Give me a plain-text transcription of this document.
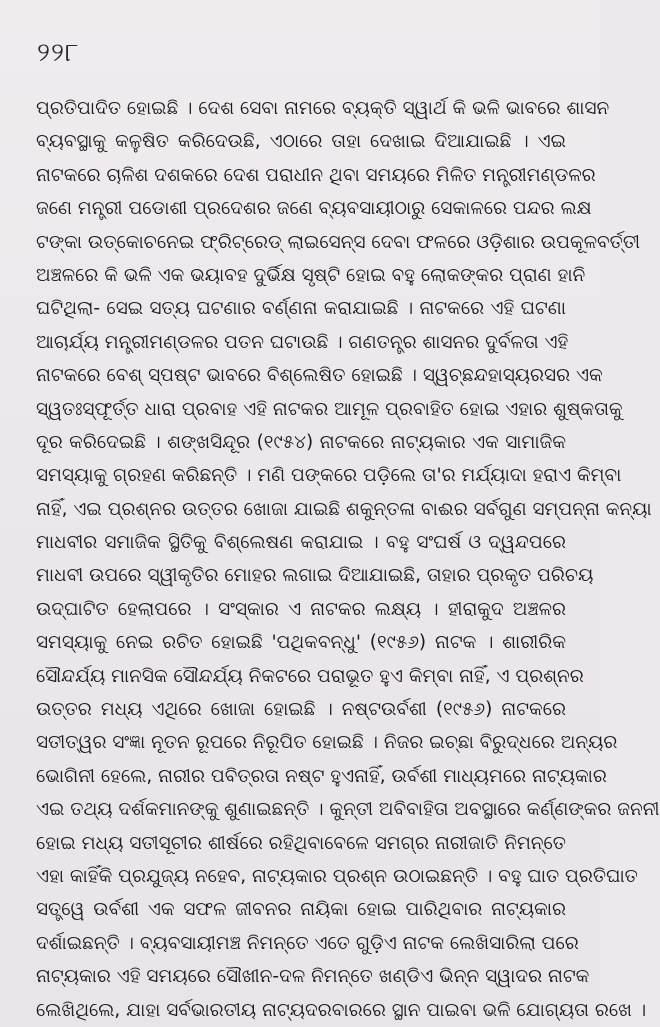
୨୨୮
ପ୍ରତିପାଦିତ ହୋଇଛି । ଦେଶ ସେବା ନାମରେ ବ୍ୟକ୍ତି ସ୍ୱାର୍ଥ କି ଭଳି ଭାବରେ ଶାସନ
ବ୍ୟବସ୍ଥାକୁ କଳୁଷିତ କରିଦେଉଛି, ଏଠାରେ ତାହା ଦେଖାଇ ଦିଆଯାଇଛି । ଏଇ
ନାଟକରେ ଚାଳିଶ ଦଶକରେ ଦେଶ ପରାଧୀନ ଥିବା ସମୟରେ ମିଳିତ ମନ୍ତ୍ରୀମଣ୍ଡଳର
ଜଣେ ମନ୍ତ୍ରୀ ପଡୋଶୀ ପ୍ରଦେଶର ଜଣେ ବ୍ୟବସାୟୀଠାରୁ ସେକାଳରେ ପନ୍ଦର ଲକ୍ଷ
ଟଙ୍କା ଉତ୍କୋଚନେଇ ଫ୍ରିଟ୍ରେଡ୍ ଲାଇସେନ୍ସ ଦେବା ଫଳରେ ଓଡ଼ିଶାର ଉପକୂଳବର୍ତ୍ତୀ
ଅଞ୍ଚଳରେ କି ଭଳି ଏକ ଭୟାବହ ଦୁର୍ଭିକ୍ଷ ସୃଷ୍ଟି ହୋଇ ବହୁ ଲୋକଙ୍କର ପ୍ରାଣ ହାନି
ଘଟିଥିଲା- ସେଇ ସତ୍ୟ ଘଟଣାର ବର୍ଣ୍ଣନା କରାଯାଇଛି । ନାଟକରେ ଏହି ଘଟଣା
ଆଚାର୍ଯ୍ୟ ମନ୍ତ୍ରୀମଣ୍ଡଳର ପତନ ଘଟାଉଛି । ଗଣତନ୍ତ୍ର ଶାସନର ଦୁର୍ବଳତା ଏହି
ନାଟକରେ ବେଶ୍ ସ୍ପଷ୍ଟ ଭାବରେ ବିଶ୍ଲେଷିତ ହୋଇଛି । ସ୍ୱଚ୍ଛନ୍ଦହାସ୍ୟରସର ଏକ
ସ୍ୱତଃସ୍ଫୂର୍ତ୍ତ ଧାରା ପ୍ରବାହ ଏହି ନାଟକର ଆମୂଳ ପ୍ରବାହିତ ହୋଇ ଏହାର ଶୁଷ୍କତାକୁ
ଦୂର କରିଦେଇଛି । ଶଙ୍ଖସିନ୍ଦୂର (୧୯୫୪) ନାଟକରେ ନାଟ୍ୟକାର ଏକ ସାମାଜିକ
ସମସ୍ୟାକୁ ଗ୍ରହଣ କରିଛନ୍ତି । ମଣି ପଙ୍କରେ ପଡ଼ିଲେ ତା'ର ମର୍ଯ୍ୟାଦା ହରାଏ କିମ୍ବା
ନାହିଁ, ଏଇ ପ୍ରଶ୍ନର ଉତ୍ତର ଖୋଜା ଯାଇଛି ଶକୁନ୍ତଳା ବାଈର ସର୍ବଗୁଣ ସମ୍ପନ୍ନା କନ୍ୟା
ମାଧବୀର ସମାଜିକ ସ୍ଥିତିକୁ ବିଶ୍ଲେଷଣ କରାଯାଇ । ବହୁ ସଂଘର୍ଷ ଓ ଦ୍ୱନ୍ଦପରେ
ମାଧବୀ ଉପରେ ସ୍ୱୀକୃତିର ମୋହର ଲଗାଇ ଦିଆଯାଇଛି, ତାହାର ପ୍ରକୃତ ପରିଚୟ
ଉଦ୍‌ଘାଟିତ ହେଲାପରେ । ସଂସ୍କାର ଏ ନାଟକର ଲକ୍ଷ୍ୟ । ହୀରାକୁଦ ଅଞ୍ଚଳର
ସମସ୍ୟାକୁ ନେଇ ରଚିତ ହୋଇଛି 'ପଥିକବନ୍ଧୁ' (୧୯୫୬) ନାଟକ । ଶାରୀରିକ
ସୌନ୍ଦର୍ଯ୍ୟ ମାନସିକ ସୌନ୍ଦର୍ଯ୍ୟ ନିକଟରେ ପରାଭୂତ ହୁଏ କିମ୍ବା ନାହିଁ, ଏ ପ୍ରଶ୍ନର
ଉତ୍ତର ମଧ୍ୟ ଏଥିରେ ଖୋଜା ହୋଇଛି । ନଷ୍ଟଉର୍ବଶୀ (୧୯୫୬) ନାଟକରେ
ସତୀତ୍ୱର ସଂଜ୍ଞା ନୂତନ ରୂପରେ ନିରୂପିତ ହୋଇଛି । ନିଜର ଇଚ୍ଛା ବିରୁଦ୍ଧରେ ଅନ୍ୟର
ଭୋଗିନୀ ହେଲେ, ନାରୀର ପବିତ୍ରତା ନଷ୍ଟ ହୁଏନାହିଁ, ଉର୍ବଶୀ ମାଧ୍ୟମରେ ନାଟ୍ୟକାର
ଏଇ ତଥ୍ୟ ଦର୍ଶକମାନଙ୍କୁ ଶୁଣାଇଛନ୍ତି । କୁନ୍ତୀ ଅବିବାହିତା ଅବସ୍ଥାରେ କର୍ଣ୍ଣଙ୍କର ଜନନୀ
ହୋଇ ମଧ୍ୟ ସତୀସୂଚୀର ଶୀର୍ଷରେ ରହିଥିବାବେଳେ ସମଗ୍ର ନାରୀଜାତି ନିମନ୍ତେ
ଏହା କାହିଁକି ପ୍ରଯୁଜ୍ୟ ନହେବ, ନାଟ୍ୟକାର ପ୍ରଶ୍ନ ଉଠାଇଛନ୍ତି । ବହୁ ଘାତ ପ୍ରତିଘାତ
ସତ୍ତ୍ୱେ ଉର୍ବଶୀ ଏକ ସଫଳ ଜୀବନର ନାୟିକା ହୋଇ ପାରିଥିବାର ନାଟ୍ୟକାର
ଦର୍ଶାଇଛନ୍ତି । ବ୍ୟବସାୟୀମଞ୍ଚ ନିମନ୍ତେ ଏତେ ଗୁଡ଼ିଏ ନାଟକ ଲେଖିସାରିଲା ପରେ
ନାଟ୍ୟକାର ଏହି ସମୟରେ ସୌଖୀନ-ଦଳ ନିମନ୍ତେ ଖଣ୍ଡିଏ ଭିନ୍ନ ସ୍ୱାଦର ନାଟକ
ଲେଖିଥିଲେ, ଯାହା ସର୍ବଭାରତୀୟ ନାଟ୍ୟଦରବାରରେ ସ୍ଥାନ ପାଇବା ଭଳି ଯୋଗ୍ୟତା ରଖେ ।
